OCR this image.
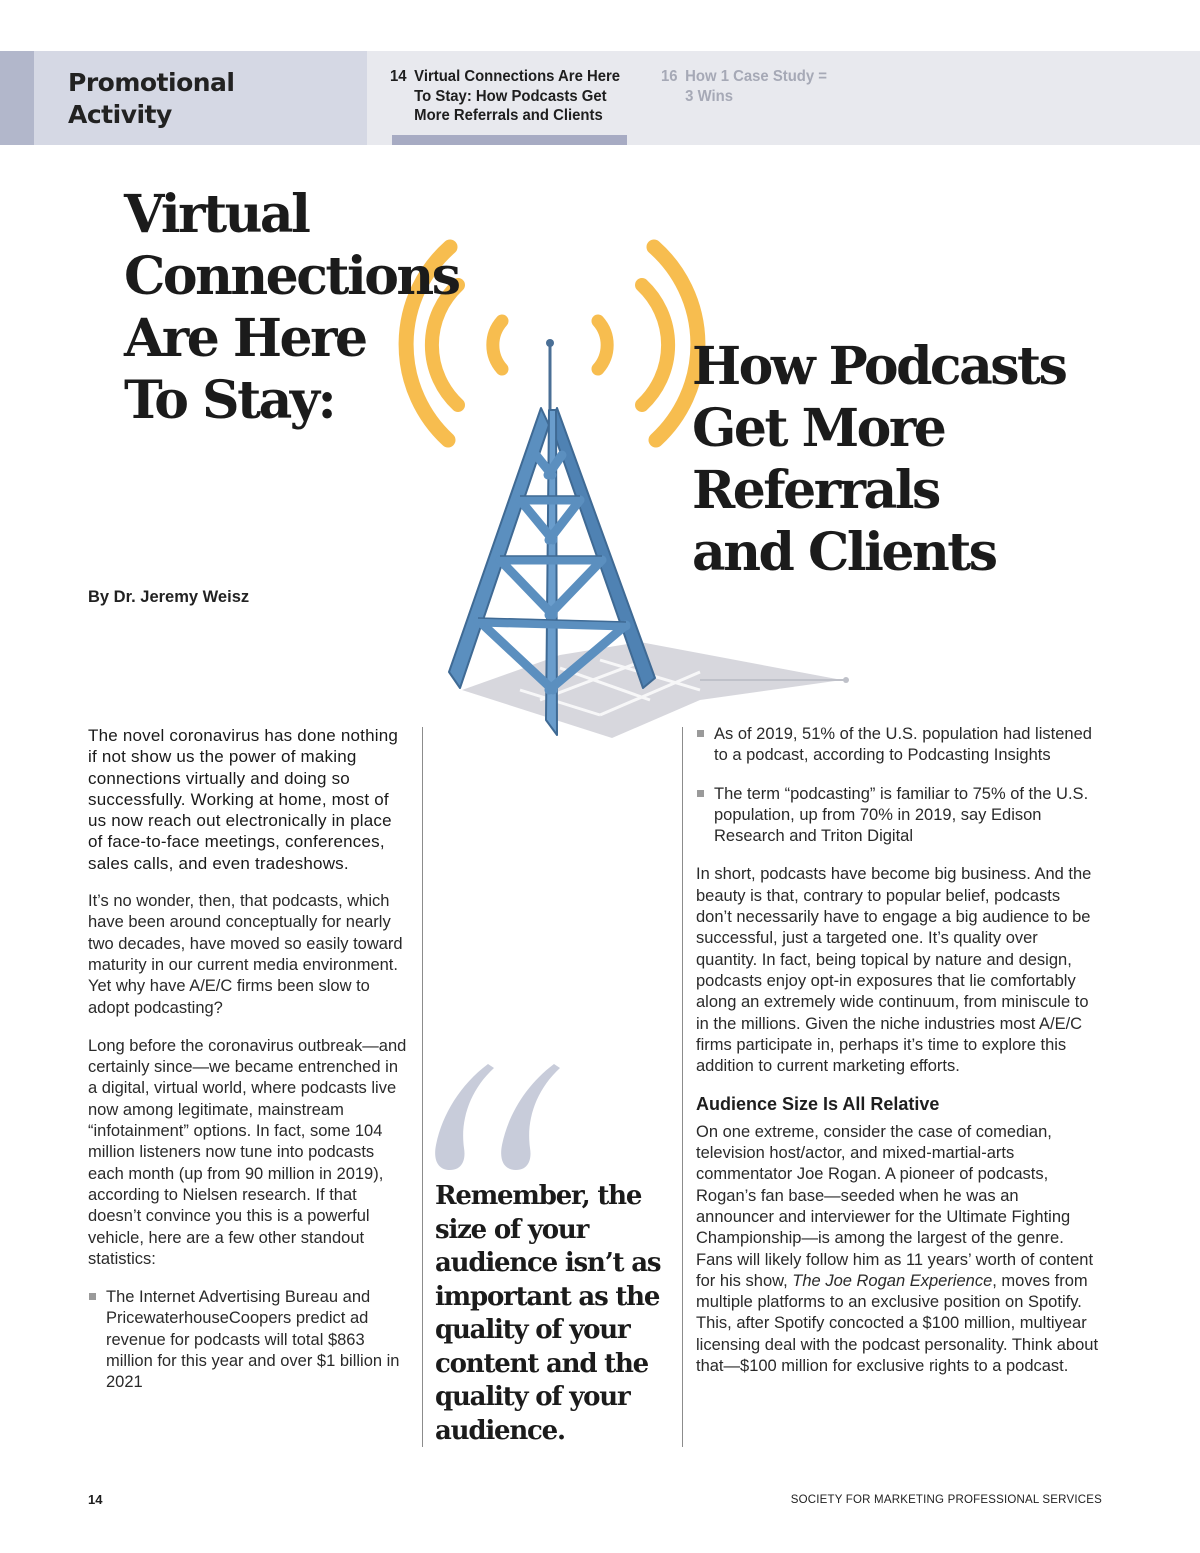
Promotional
Activity
14 Virtual Connections Are Here
To Stay: How Podcasts Get
More Referrals and Clients
16 How 1 Case Study =
3 Wins
Virtual
Connections
Are Here
To Stay:
How Podcasts
Get More
Referrals
and Clients
By Dr. Jeremy Weisz

The novel coronavirus has done nothing if not show us the power of making connections virtually and doing so successfully. Working at home, most of us now reach out electronically in place of face-to-face meetings, conferences, sales calls, and even tradeshows.

It’s no wonder, then, that podcasts, which have been around conceptually for nearly two decades, have moved so easily toward maturity in our current media environment. Yet why have A/E/C firms been slow to adopt podcasting?

Long before the coronavirus outbreak—and certainly since—we became entrenched in a digital, virtual world, where podcasts live now among legitimate, mainstream “infotainment” options. In fact, some 104 million listeners now tune into podcasts each month (up from 90 million in 2019), according to Nielsen research. If that doesn’t convince you this is a powerful vehicle, here are a few other standout statistics:

The Internet Advertising Bureau and PricewaterhouseCoopers predict ad revenue for podcasts will total $863 million for this year and over $1 billion in 2021

Remember, the size of your audience isn’t as important as the quality of your content and the quality of your audience.

As of 2019, 51% of the U.S. population had listened to a podcast, according to Podcasting Insights
The term “podcasting” is familiar to 75% of the U.S. population, up from 70% in 2019, say Edison Research and Triton Digital

In short, podcasts have become big business. And the beauty is that, contrary to popular belief, podcasts don’t necessarily have to engage a big audience to be successful, just a targeted one. It’s quality over quantity. In fact, being topical by nature and design, podcasts enjoy opt-in exposures that lie comfortably along an extremely wide continuum, from miniscule to in the millions. Given the niche industries most A/E/C firms participate in, perhaps it’s time to explore this addition to current marketing efforts.

Audience Size Is All Relative

On one extreme, consider the case of comedian, television host/actor, and mixed-martial-arts commentator Joe Rogan. A pioneer of podcasts, Rogan’s fan base—seeded when he was an announcer and interviewer for the Ultimate Fighting Championship—is among the largest of the genre. Fans will likely follow him as 11 years’ worth of content for his show, The Joe Rogan Experience, moves from multiple platforms to an exclusive position on Spotify. This, after Spotify concocted a $100 million, multiyear licensing deal with the podcast personality. Think about that—$100 million for exclusive rights to a podcast.

14	SOCIETY FOR MARKETING PROFESSIONAL SERVICES
